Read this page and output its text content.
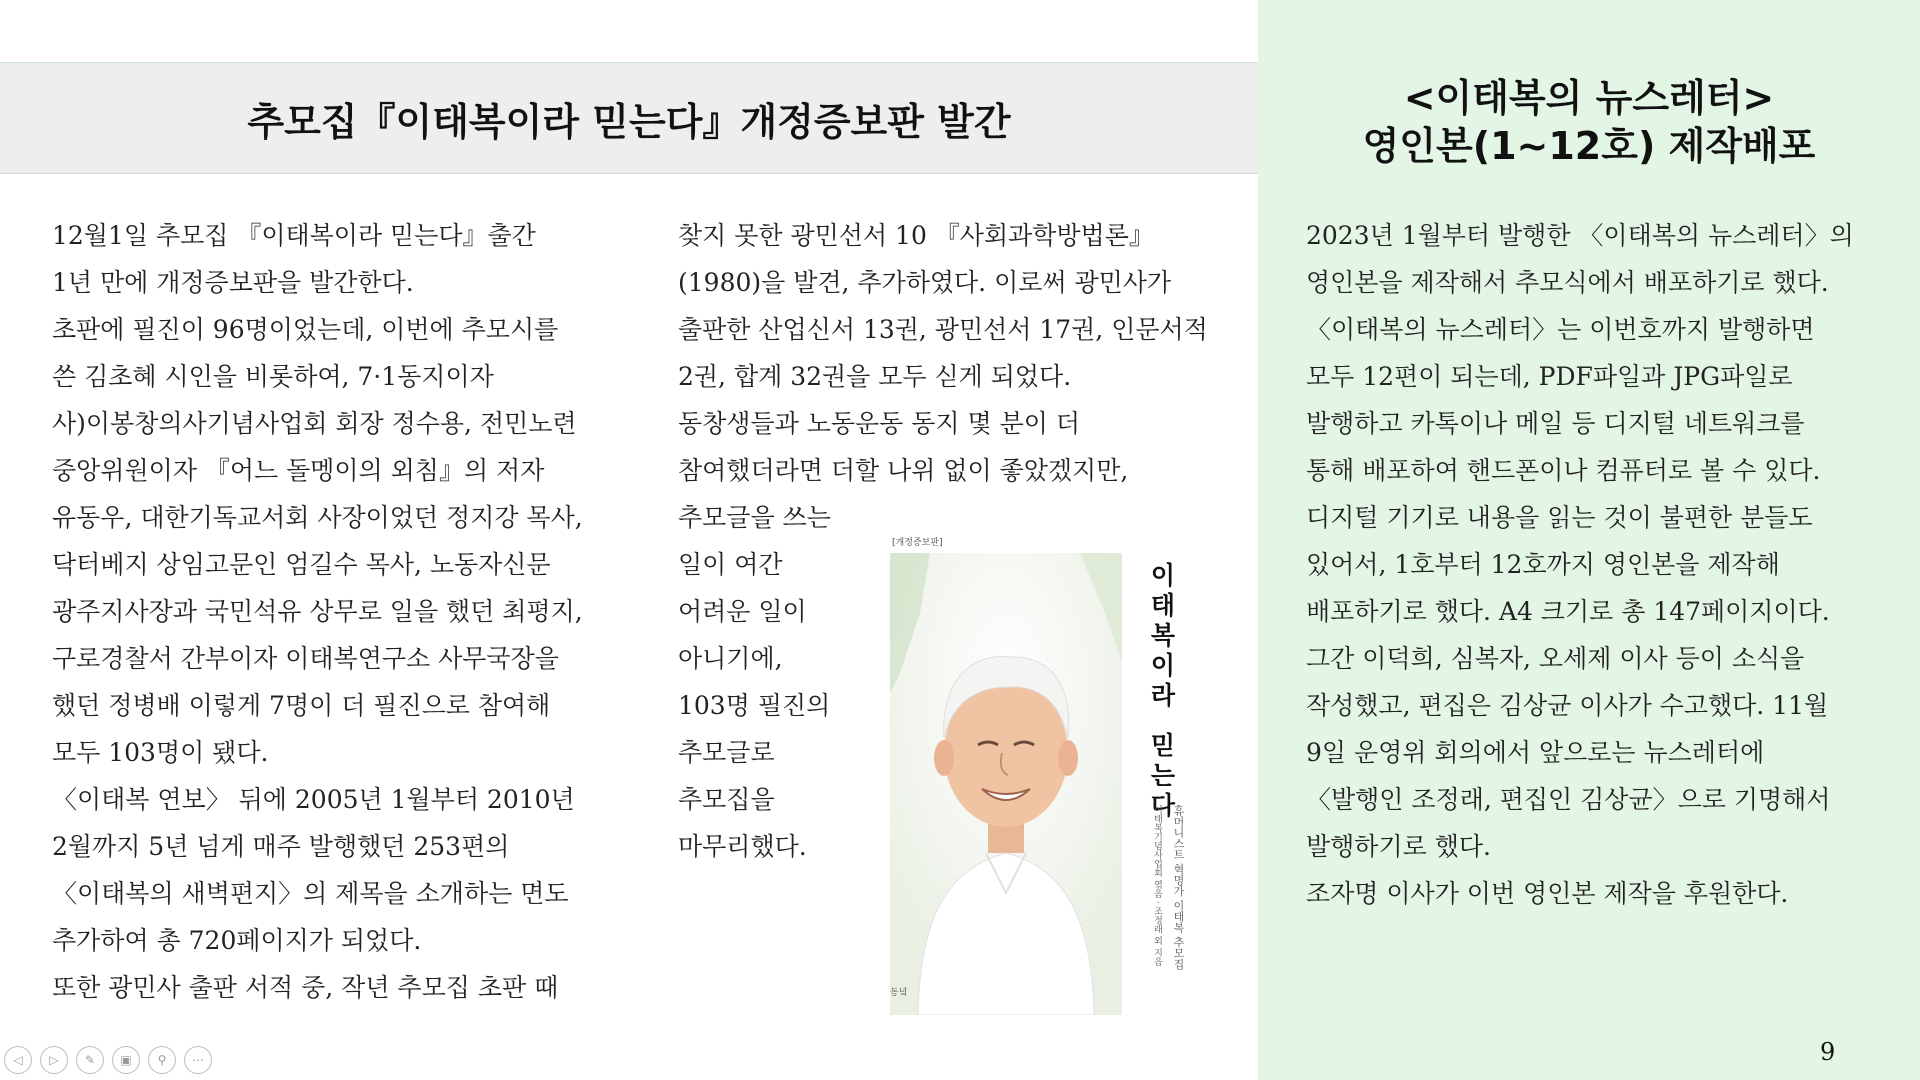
추모집『이태복이라 믿는다』개정증보판 발간
<이태복의 뉴스레터>
영인본(1~12호) 제작배포
12월1일 추모집 『이태복이라 믿는다』출간
1년 만에 개정증보판을 발간한다.
초판에 필진이 96명이었는데, 이번에 추모시를
쓴 김초혜 시인을 비롯하여, 7·1동지이자
사)이봉창의사기념사업회 회장 정수용, 전민노련
중앙위원이자 『어느 돌멩이의 외침』의 저자
유동우, 대한기독교서회 사장이었던 정지강 목사,
닥터베지 상임고문인 엄길수 목사, 노동자신문
광주지사장과 국민석유 상무로 일을 했던 최평지,
구로경찰서 간부이자 이태복연구소 사무국장을
했던 정병배 이렇게 7명이 더 필진으로 참여해
모두 103명이 됐다.
〈이태복 연보〉 뒤에 2005년 1월부터 2010년
2월까지 5년 넘게 매주 발행했던 253편의
〈이태복의 새벽편지〉의 제목을 소개하는 면도
추가하여 총 720페이지가 되었다.
또한 광민사 출판 서적 중, 작년 추모집 초판 때
찾지 못한 광민선서 10 『사회과학방법론』
(1980)을 발견, 추가하였다. 이로써 광민사가
출판한 산업신서 13권, 광민선서 17권, 인문서적
2권, 합계 32권을 모두 싣게 되었다.
동창생들과 노동운동 동지 몇 분이 더
참여했더라면 더할 나위 없이 좋았겠지만,
추모글을 쓰는
일이 여간
어려운 일이
아니기에,
103명 필진의
추모글로
추모집을
마무리했다.
[개정증보판]
이
태
복
이
라
믿
는
다
휴머니스트 혁명가 이태복 추모집
이태복기념사업회 엮음 · 조정래 외 지음
동녘
2023년 1월부터 발행한 〈이태복의 뉴스레터〉의
영인본을 제작해서 추모식에서 배포하기로 했다.
〈이태복의 뉴스레터〉는 이번호까지 발행하면
모두 12편이 되는데, PDF파일과 JPG파일로
발행하고 카톡이나 메일 등 디지털 네트워크를
통해 배포하여 핸드폰이나 컴퓨터로 볼 수 있다.
디지털 기기로 내용을 읽는 것이 불편한 분들도
있어서, 1호부터 12호까지 영인본을 제작해
배포하기로 했다. A4 크기로 총 147페이지이다.
그간 이덕희, 심복자, 오세제 이사 등이 소식을
작성했고, 편집은 김상균 이사가 수고했다. 11월
9일 운영위 회의에서 앞으로는 뉴스레터에
〈발행인 조정래, 편집인 김상균〉으로 기명해서
발행하기로 했다.
조자명 이사가 이번 영인본 제작을 후원한다.
9
◁	▷	✎	▣	⚲	⋯
